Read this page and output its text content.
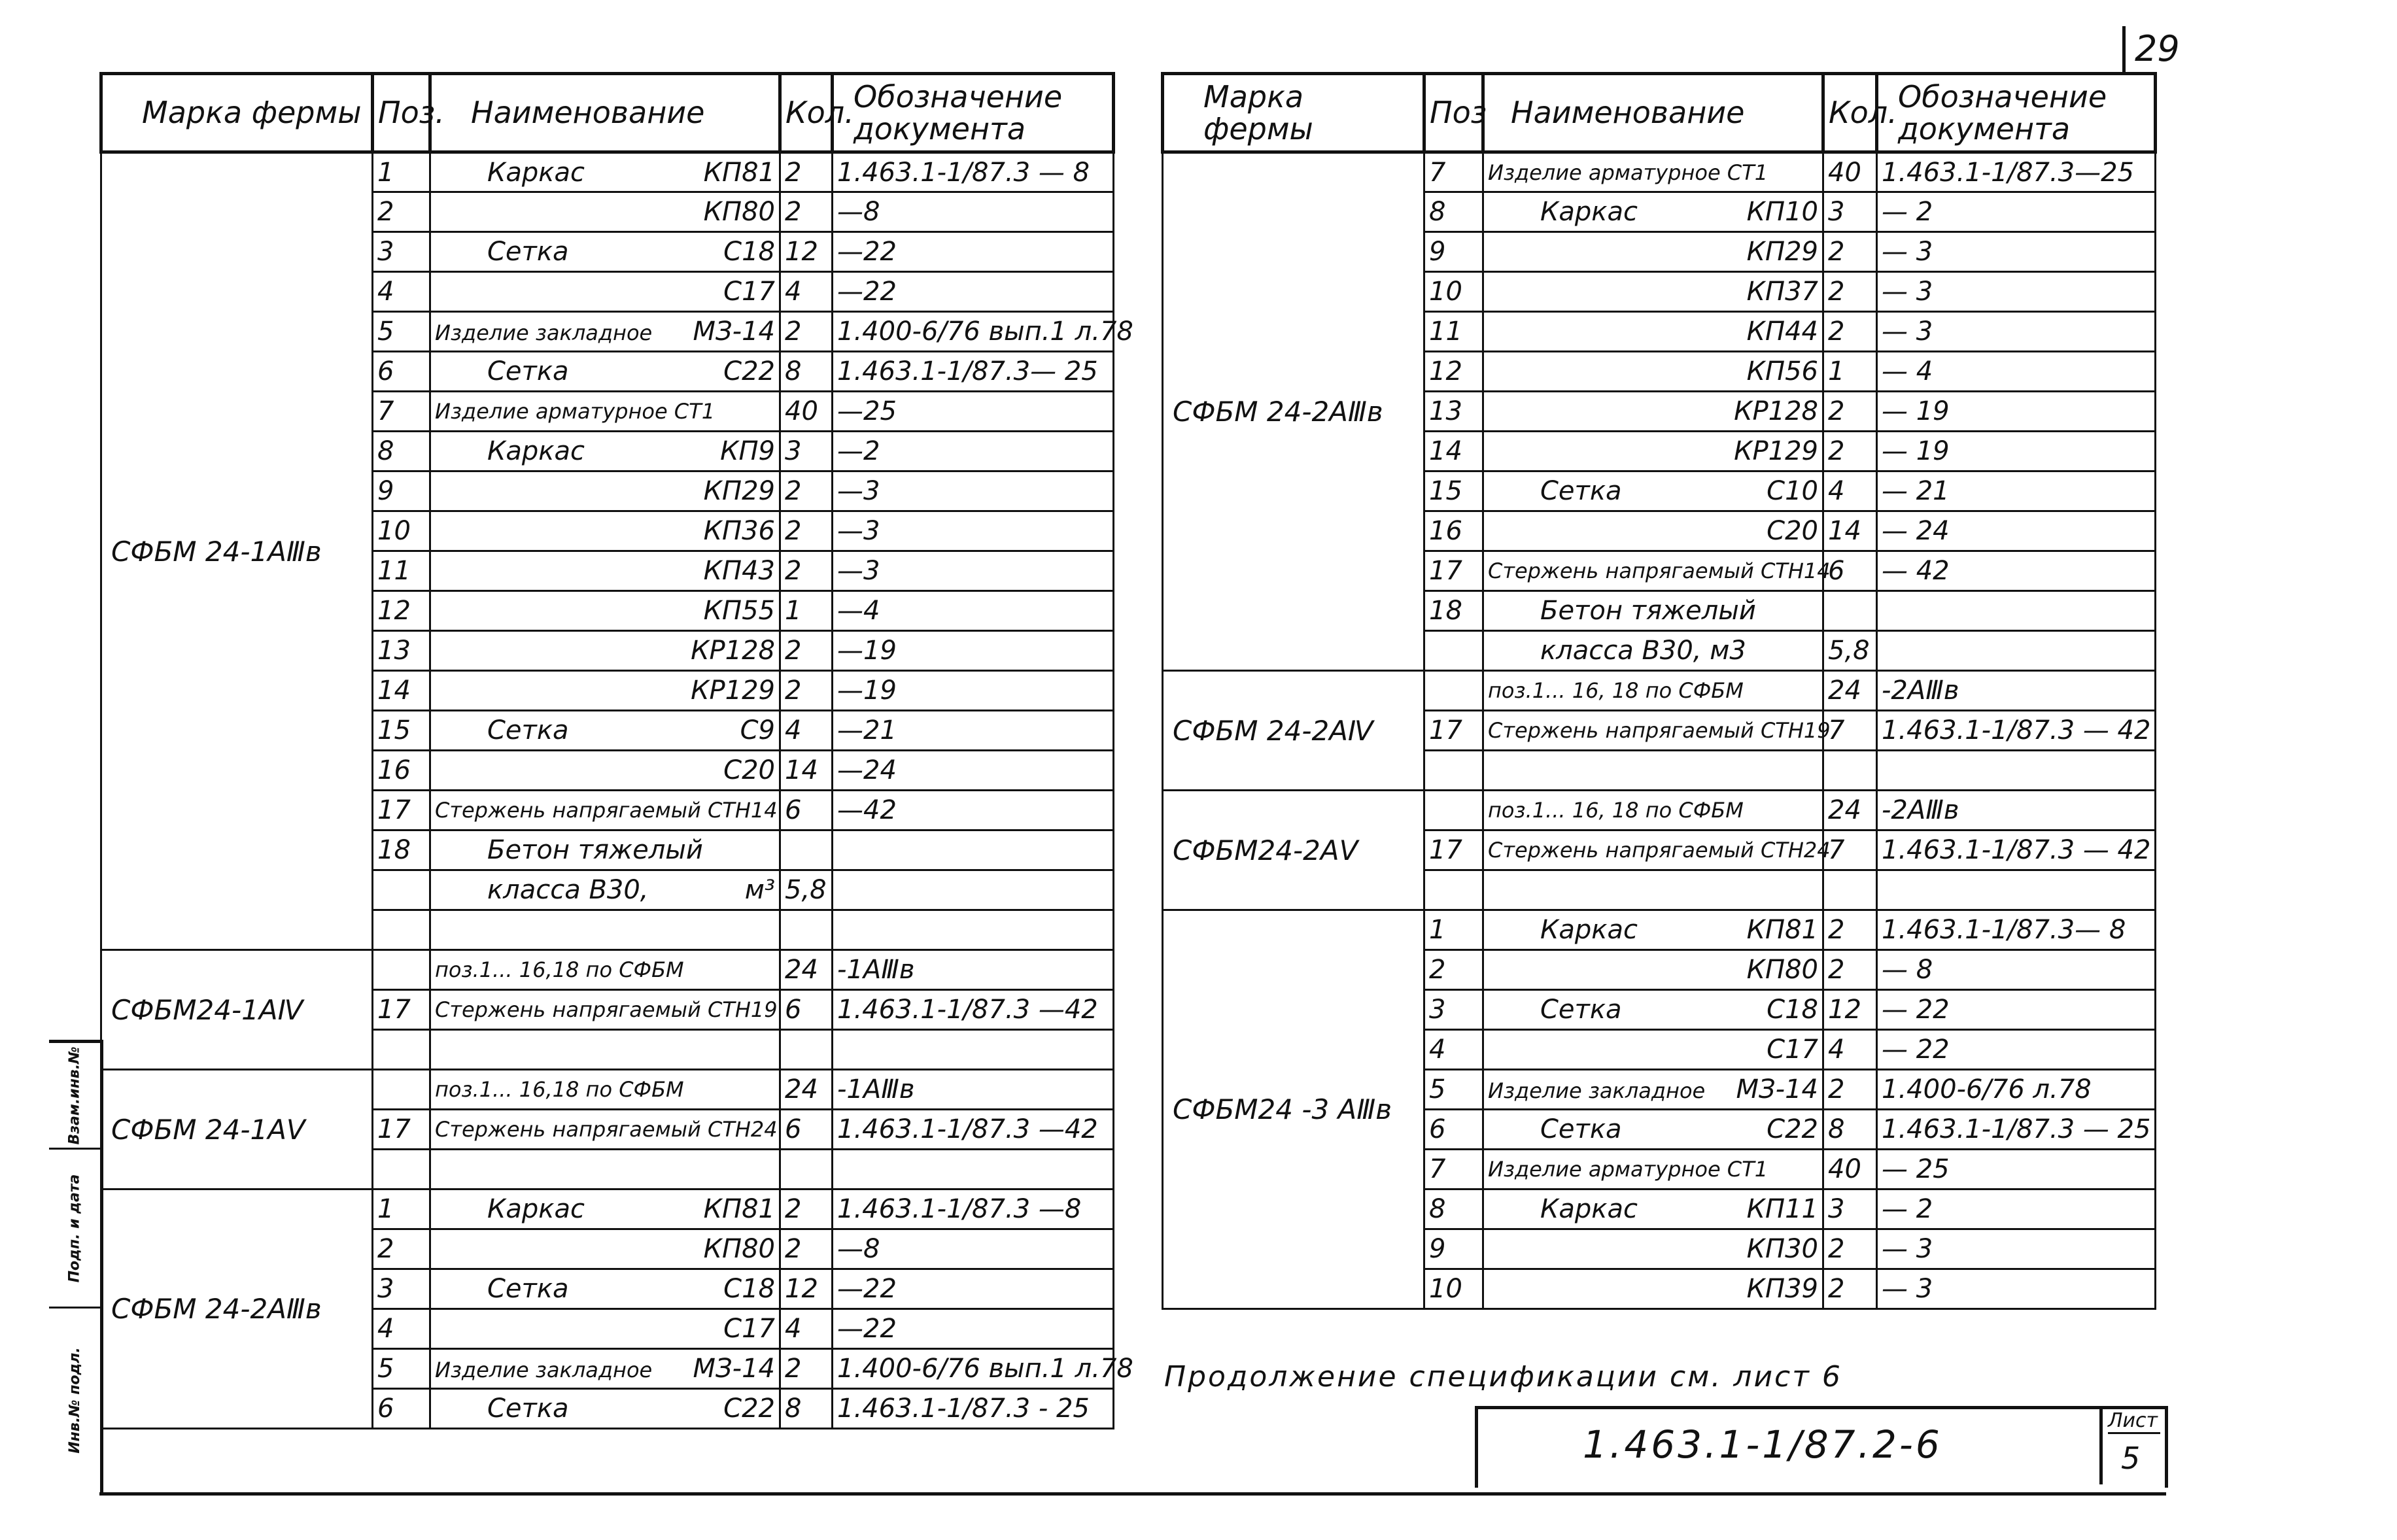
29
Марка фермы	Поз.	Наименование	Кол.	Обозначение документа
СФБМ 24-1АⅢв	1	Каркас КП81	2	1.463.1-1/87.3 — 8
	2	КП80	2	—8
	3	Сетка С18	12	—22
	4	С17	4	—22
	5	Изделие закладное МЗ-14	2	1.400-6/76 вып.1 л.78
	6	Сетка С22	8	1.463.1-1/87.3— 25
	7	Изделие арматурное СТ1	40	—25
	8	Каркас КП9	3	—2
	9	КП29	2	—3
	10	КП36	2	—3
	11	КП43	2	—3
	12	КП55	1	—4
	13	КР128	2	—19
	14	КР129	2	—19
	15	Сетка С9	4	—21
	16	С20	14	—24
	17	Стержень напрягаемый СТН14	6	—42
	18	Бетон тяжелый		

		класса В30, м³	5,8	

СФБМ24-1АⅣ		поз.1... 16,18 по СФБМ	24	-1АⅢв
	17	Стержень напрягаемый СТН19	6	1.463.1-1/87.3 —42

СФБМ 24-1АⅤ		поз.1... 16,18 по СФБМ	24	-1АⅢв
	17	Стержень напрягаемый СТН24	6	1.463.1-1/87.3 —42

СФБМ 24-2АⅢв	1	Каркас КП81	2	1.463.1-1/87.3 —8
	2	КП80	2	—8
	3	Сетка С18	12	—22
	4	С17	4	—22
	5	Изделие закладное МЗ-14	2	1.400-6/76 вып.1 л.78
	6	Сетка С22	8	1.463.1-1/87.3 - 25
Марка фермы	Поз	Наименование	Кол.	Обозначение документа
СФБМ 24-2АⅢв	7	Изделие арматурное СТ1	40	1.463.1-1/87.3—25
	8	Каркас КП10	3	— 2
	9	КП29	2	— 3
	10	КП37	2	— 3
	11	КП44	2	— 3
	12	КП56	1	— 4
	13	КР128	2	— 19
	14	КР129	2	— 19
	15	Сетка С10	4	— 21
	16	С20	14	— 24
	17	Стержень напрягаемый СТН14	6	— 42
	18	Бетон тяжелый		

		класса В30, м3	5,8	
СФБМ 24-2АⅣ		поз.1... 16, 18 по СФБМ	24	-2АⅢв
	17	Стержень напрягаемый СТН19	7	1.463.1-1/87.3 — 42

СФБМ24-2АⅤ		поз.1... 16, 18 по СФБМ	24	-2АⅢв
	17	Стержень напрягаемый СТН24	7	1.463.1-1/87.3 — 42

СФБМ24 -3 АⅢв	1	Каркас КП81	2	1.463.1-1/87.3— 8
	2	КП80	2	— 8
	3	Сетка С18	12	— 22
	4	С17	4	— 22
	5	Изделие закладное МЗ-14	2	1.400-6/76 л.78
	6	Сетка С22	8	1.463.1-1/87.3 — 25
	7	Изделие арматурное СТ1	40	— 25
	8	Каркас КП11	3	— 2
	9	КП30	2	— 3
	10	КП39	2	— 3
Продолжение спецификации см. лист 6
1.463.1-1/87.2-6
Лист
5
Взам.инв.№
Подп. и дата
Инв.№ подл.
